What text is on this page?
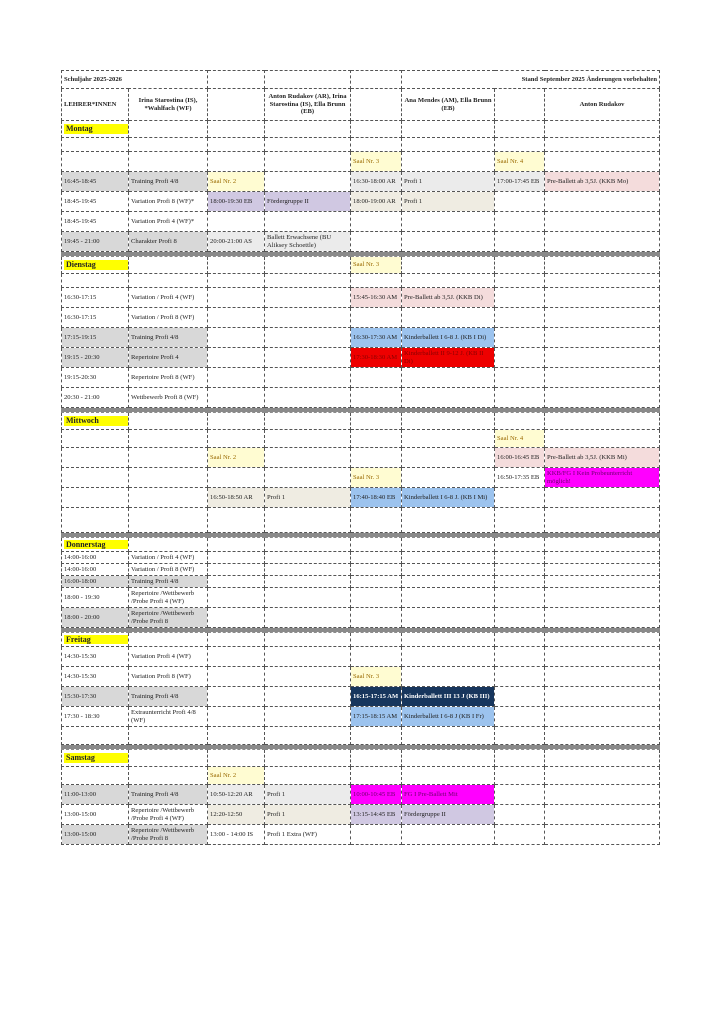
Schuljahr 2025-2026					Stand September 2025 Änderungen vorbehalten		
LEHRER*INNEN	Irina Starostina (IS), *Wahlfach (WF)		Anton Rudakov (AR), Irina Starostina (IS), Ella Brunn (EB)		Ana Mendes (AM), Ella Brunn (EB)		Anton Rudakov
Montag							

				Saal Nr. 3		Saal Nr. 4	
16:45-18:45	Training Profi 4/8	Saal Nr. 2		16:30-18:00 AR	Profi 1	17:00-17:45 EB	Pre-Ballett ab 3,5J. (KKB Mo)
18:45-19:45	Variation Profi 8 (WF)*	18:00-19:30 EB	Fördergruppe II	18:00-19:00 AR	Profi 1		
18:45-19:45	Variation Profi 4 (WF)*						
19:45 - 21:00	Charakter Profi 8	20:00-21:00 AS	Ballett Erwachsene (BU Aliksey Schoettle)				

Dienstag				Saal Nr. 3			

16:30-17:15	Variation / Profi 4 (WF)			15:45-16:30 AM	Pre-Ballett ab 3,5J. (KKB Di)		
16:30-17:15	Variation / Profi 8 (WF)						
17:15-19:15	Training Profi 4/8			16:30-17:30 AM	Kinderballett I 6-8 J. (KB I Di)		
19:15 - 20:30	Repertoire Profi 4			17:30-18:30 AM	Kinderballett II 9-12 J. (KB II Di)		
19:15-20:30	Repertoire Profi 8 (WF)						
20:30 - 21:00	Wettbewerb Profi 8 (WF)						

Mittwoch							
						Saal Nr. 4	
		Saal Nr. 2				16:00-16:45 EB	Pre-Ballett ab 3,5J. (KKB Mi)
				Saal Nr. 3		16:50-17:35 EB	KKB/FG I Kein Probeunterricht möglich!
		16:50-18:50 AR	Profi 1	17:40-18:40 EB	Kinderballett I 6-8 J. (KB I Mi)		

Donnerstag							
14:00-16:00	Variation / Profi 4 (WF)						
14:00-16:00	Variation / Profi 8 (WF)						
16:00-18:00	Training Profi 4/8						
18:00 - 19:30	Repertoire /Wettbewerb /Probe Profi 4 (WF)						
18:00 - 20:00	Repertoire /Wettbewerb /Probe Profi 8						

Freitag							
14:30-15:30	Variation Profi 4 (WF)						
14:30-15:30	Variation Profi 8 (WF)			Saal Nr. 3			
15:30-17:30	Training Profi 4/8			16:15-17:15 AM	Kinderballett III 13 J (KB III)		
17:30 - 18:30	Extraunterricht Profi 4/8 (WF)			17:15-18:15 AM	Kinderballett I 6-8 J (KB I Fr)		

Samstag							
		Saal Nr. 2					
11:00-13:00	Training Profi 4/8	10:50-12:20 AR	Profi 1	10:00-10:45 EB	FG I Pre-Ballett Mit		
13:00-15:00	Repertoire /Wettbewerb /Probe Profi 4 (WF)	12:20-12:50	Profi 1	13:15-14:45 EB	Fördergruppe II		
13:00-15:00	Repertoire /Wettbewerb /Probe Profi 8	13:00 - 14:00 IS	Profi 1 Extra (WF)				
